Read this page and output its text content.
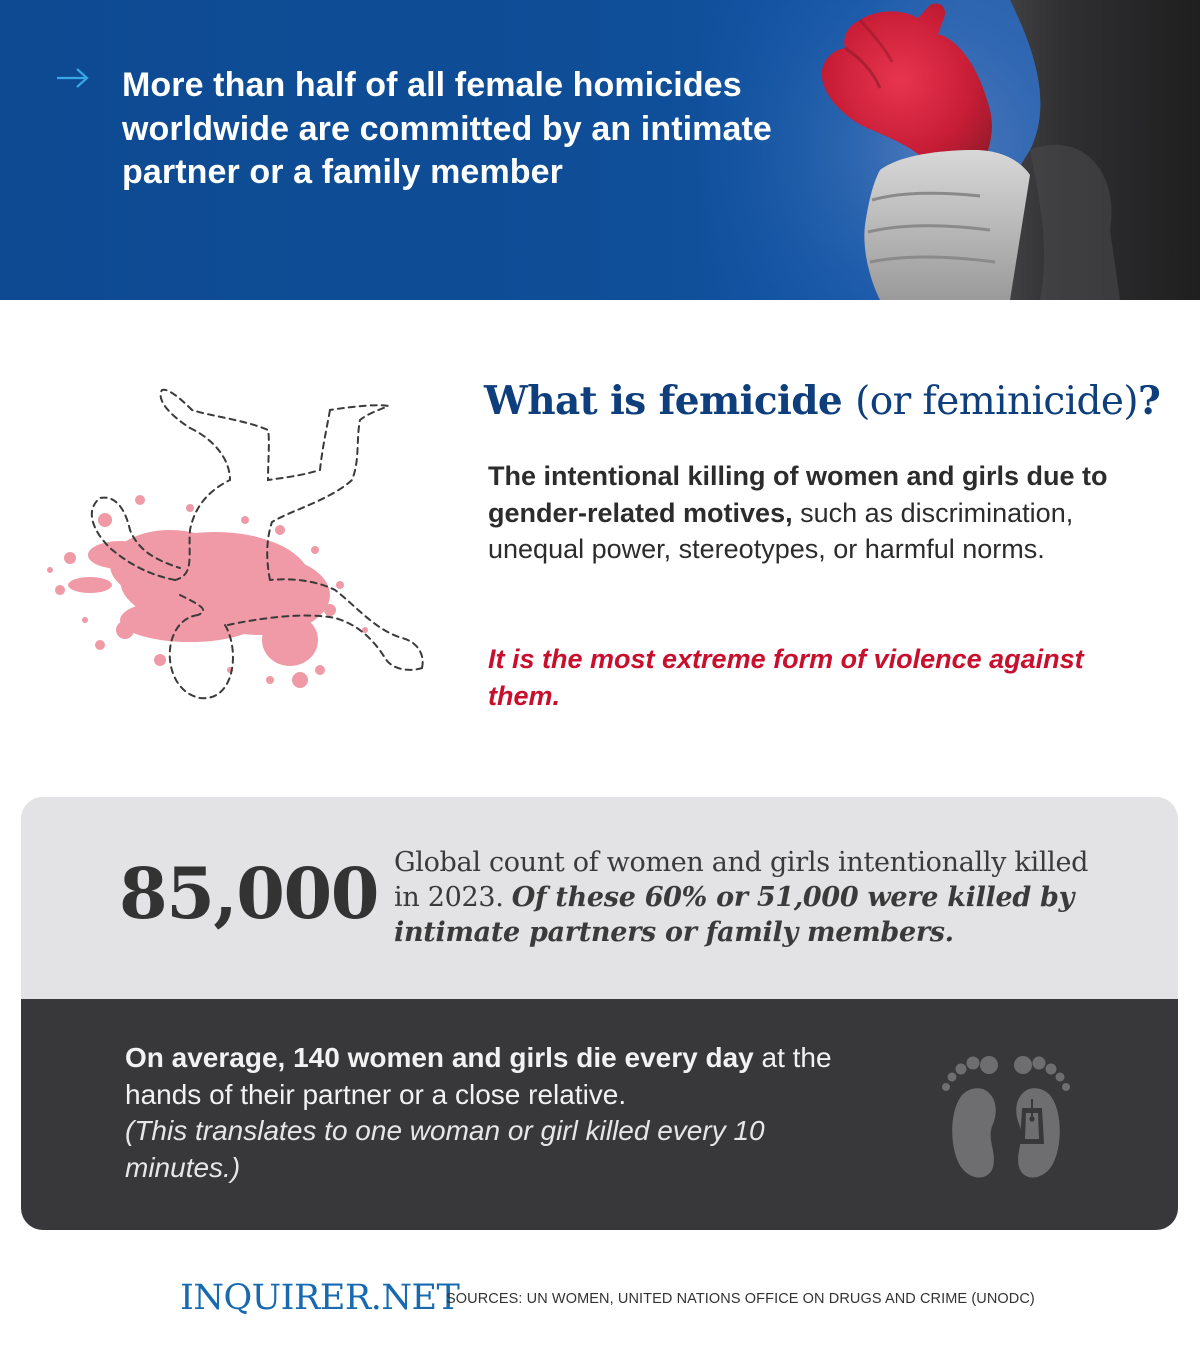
More than half of all female homicides worldwide are committed by an intimate partner or a family member

What is femicide (or feminicide)?

The intentional killing of women and girls due to gender-related motives, such as discrimination, unequal power, stereotypes, or harmful norms.

It is the most extreme form of violence against them.

85,000 Global count of women and girls intentionally killed in 2023. Of these 60% or 51,000 were killed by intimate partners or family members.

On average, 140 women and girls die every day at the hands of their partner or a close relative.
(This translates to one woman or girl killed every 10 minutes.)

INQUIRER.NET

SOURCES: UN WOMEN, UNITED NATIONS OFFICE ON DRUGS AND CRIME (UNODC)
